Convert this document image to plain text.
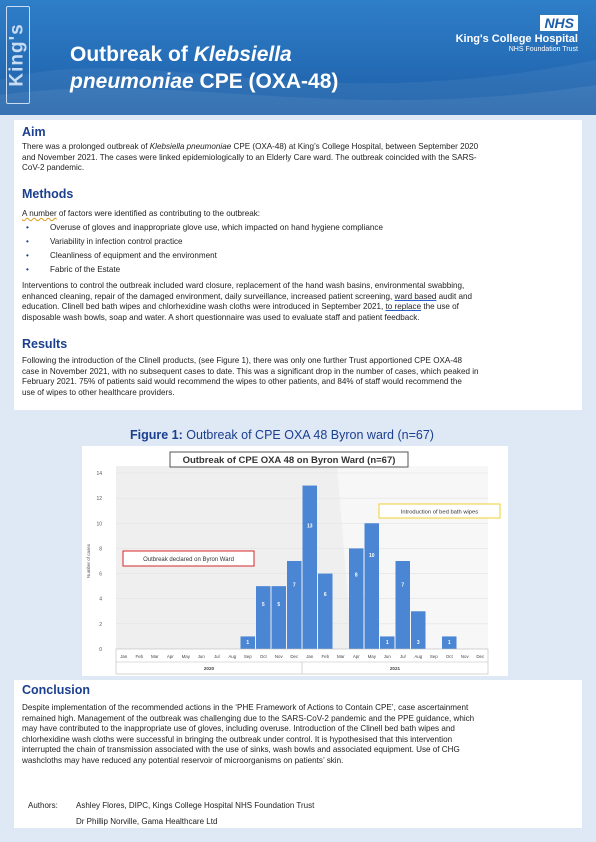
King's Outbreak of Klebsiella
pneumoniae CPE (OXA-48)
NHS
King's College Hospital
NHS Foundation Trust
Aim
There was a prolonged outbreak of Klebsiella pneumoniae CPE (OXA-48) at King’s College Hospital, between September 2020
and November 2021. The cases were linked epidemiologically to an Elderly Care ward. The outbreak coincided with the SARS-
CoV-2 pandemic.
Methods
A number of factors were identified as contributing to the outbreak:
• Overuse of gloves and inappropriate glove use, which impacted on hand hygiene compliance
• Variability in infection control practice
• Cleanliness of equipment and the environment
• Fabric of the Estate
Interventions to control the outbreak included ward closure, replacement of the hand wash basins, environmental swabbing,
enhanced cleaning, repair of the damaged environment, daily surveillance, increased patient screening, ward based audit and
education. Clinell bed bath wipes and chlorhexidine wash cloths were introduced in September 2021, to replace the use of
disposable wash bowls, soap and water. A short questionnaire was used to evaluate staff and patient feedback.
Results
Following the introduction of the Clinell products, (see Figure 1), there was only one further Trust apportioned CPE OXA-48
case in November 2021, with no subsequent cases to date. This was a significant drop in the number of cases, which peaked in
February 2021. 75% of patients said would recommend the wipes to other patients, and 84% of staff would recommend the
use of wipes to other healthcare providers.
Figure 1: Outbreak of CPE OXA 48 Byron ward (n=67)
Outbreak of CPE OXA 48 on Byron Ward (n=67)
0
2
4
6
8
10
12
14
Number of cases
1
5	5
7
13
6
8
10
1
7
3	1
Jan Feb Mar Apr May Jun Jul Aug Sep Oct Nov Dec Jan Feb Mar Apr May Jun Jul Aug Sep Oct Nov Dec
2020	2021
Outbreak declared on Byron Ward
Introduction of bed bath wipes
Conclusion
Despite implementation of the recommended actions in the ‘PHE Framework of Actions to Contain CPE’, case ascertainment
remained high. Management of the outbreak was challenging due to the SARS-CoV-2 pandemic and the PPE guidance, which
may have contributed to the inappropriate use of gloves, including overuse. Introduction of the Clinell bed bath wipes and
chlorhexidine wash cloths were successful in bringing the outbreak under control. It is hypothesised that this intervention
interrupted the chain of transmission associated with the use of sinks, wash bowls and associated equipment. Use of CHG
washcloths may have reduced any potential reservoir of microorganisms on patients’ skin.
Authors: Ashley Flores, DIPC, Kings College Hospital NHS Foundation Trust
Dr Phillip Norville, Gama Healthcare Ltd
